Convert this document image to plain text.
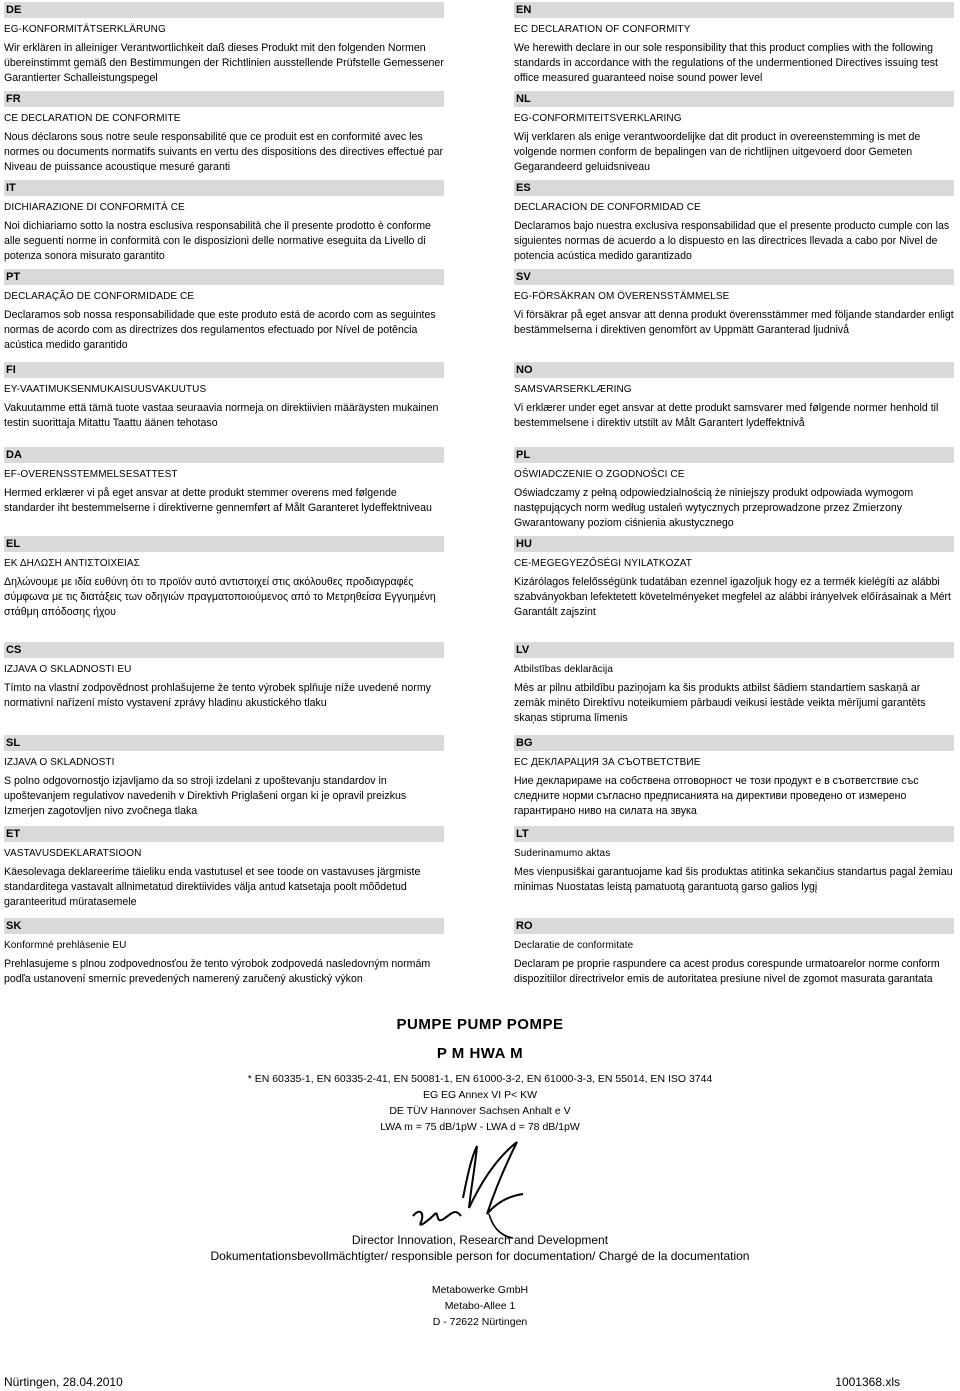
DE
EG-KONFORMITÄTSERKLÄRUNG
Wir erklären in alleiniger Verantwortlichkeit daß dieses Produkt mit den folgenden Normen übereinstimmt gemäß den Bestimmungen der Richtlinien ausstellende Prüfstelle Gemessener Garantierter Schalleistungspegel
FR
CE DECLARATION DE CONFORMITE
Nous déclarons sous notre seule responsabilité que ce produit est en conformité avec les normes ou documents normatifs suivants en vertu des dispositions des directives effectué par Niveau de puissance acoustique mesuré garanti
IT
DICHIARAZIONE DI CONFORMITÀ CE
Noi dichiariamo sotto la nostra esclusiva responsabilità che il presente prodotto è conforme alle seguenti norme in conformità con le disposizioni delle normative eseguita da Livello di potenza sonora misurato garantito
PT
DECLARAÇÃO DE CONFORMIDADE CE
Declaramos sob nossa responsabilidade que este produto está de acordo com as seguintes normas de acordo com as directrizes dos regulamentos efectuado por Nível de potência acústica medido garantido
FI
EY-VAATIMUKSENMUKAISUUSVAKUUTUS
Vakuutamme että tämä tuote vastaa seuraavia normeja on direktiivien määräysten mukainen testin suorittaja Mitattu Taattu äänen tehotaso
DA
EF-OVERENSSTEMMELSESATTEST
Hermed erklærer vi på eget ansvar at dette produkt stemmer overens med følgende standarder iht bestemmelserne i direktiverne gennemført af Målt Garanteret lydeffektniveau
EL
ΕΚ ΔΗΛΩΣΗ ΑΝΤΙΣΤΟΙΧΕΙΑΣ
Δηλώνουμε με ιδία ευθύνη ότι το προϊόν αυτό αντιστοιχεί στις ακόλουθες προδιαγραφές σύμφωνα με τις διατάξεις των οδηγιών πραγματοποιούμενος από το Μετρηθείσα Εγγυημένη στάθμη απόδοσης ήχου
CS
IZJAVA O SKLADNOSTI EU
Tímto na vlastní zodpovědnost prohlašujeme že tento výrobek splňuje níže uvedené normy normativní nařízení místo vystavení zprávy hladinu akustického tlaku
SL
IZJAVA O SKLADNOSTI
S polno odgovornostjo izjavljamo da so stroji izdelani z upoštevanju standardov in upoštevanjem regulativov navedenih v Direktivh Priglašeni organ ki je opravil preizkus Izmerjen zagotovljen nivo zvočnega tlaka
ET
VASTAVUSDEKLARATSIOON
Käesolevaga deklareerime täieliku enda vastutusel et see toode on vastavuses järgmiste standarditega vastavalt allnimetatud direktiivides välja antud katsetaja poolt mõõdetud garanteeritud müratasemele
SK
Konformné prehlásenie EU
Prehlasujeme s plnou zodpovednosťou že tento výrobok zodpovedá nasledovným normám podľa ustanovení smerníc prevedených namerený zaručený akustický výkon
EN
EC DECLARATION OF CONFORMITY
We herewith declare in our sole responsibility that this product complies with the following standards in accordance with the regulations of the undermentioned Directives issuing test office measured guaranteed noise sound power level
NL
EG-CONFORMITEITSVERKLARING
Wij verklaren als enige verantwoordelijke dat dit product in overeenstemming is met de volgende normen conform de bepalingen van de richtlijnen uitgevoerd door Gemeten Gegarandeerd geluidsniveau
ES
DECLARACION DE CONFORMIDAD CE
Declaramos bajo nuestra exclusiva responsabilidad que el presente producto cumple con las siguientes normas de acuerdo a lo dispuesto en las directrices llevada a cabo por Nivel de potencia acústica medido garantizado
SV
EG-FÖRSÄKRAN OM ÖVERENSSTÄMMELSE
Vi försäkrar på eget ansvar att denna produkt överensstämmer med följande standarder enligt bestämmelserna i direktiven genomfört av Uppmätt Garanterad ljudnivå
NO
SAMSVARSERKLÆRING
Vi erklærer under eget ansvar at dette produkt samsvarer med følgende normer henhold til bestemmelsene i direktiv utstilt av Målt Garantert lydeffektnivå
PL
OŚWIADCZENIE O ZGODNOŚCI CE
Oświadczamy z pełną odpowiedzialnością że niniejszy produkt odpowiada wymogom następujących norm według ustaleń wytycznych przeprowadzone przez Zmierzony Gwarantowany poziom ciśnienia akustycznego
HU
CE-MEGEGYEZŐSÉGI NYILATKOZAT
Kizárólagos felelősségünk tudatában ezennel igazoljuk hogy ez a termék kielégíti az alábbi szabványokban lefektetett követelményeket megfelel az alábbi irányelvek előírásainak a Mért Garantált zajszint
LV
Atbilstības deklarācija
Mēs ar pilnu atbildību paziņojam ka šis produkts atbilst šādiem standartiem saskaņā ar zemāk minēto Direktīvu noteikumiem pārbaudi veikusi iestāde veikta mērījumi garantēts skaņas stipruma līmenis
BG
ЕС ДЕКЛАРАЦИЯ ЗА СЪОТВЕТСТВИЕ
Ние декларираме на собствена отговорност че този продукт е в съответствие със следните норми съгласно предписанията на директиви проведено от измерено гарантирано ниво на силата на звука
LT
Suderinamumo aktas
Mes vienpusiškai garantuojame kad šis produktas atitinka sekančius standartus pagal žemiau minimas Nuostatas leistą pamatuotą garantuotą garso galios lygį
RO
Declaratie de conformitate
Declaram pe proprie raspundere ca acest produs corespunde urmatoarelor norme conform dispozitiilor directrivelor emis de autoritatea presiune nivel de zgomot masurata garantata
PUMPE PUMP POMPE
P M HWA M
* EN 60335-1, EN 60335-2-41, EN 50081-1, EN 61000-3-2, EN 61000-3-3, EN 55014, EN ISO 3744
EG EG Annex VI P< KW
DE TÜV Hannover Sachsen Anhalt e V
LWA m = 75 dB/1pW - LWA d = 78 dB/1pW
Director Innovation, Research and Development
Dokumentationsbevollmächtigter/ responsible person for documentation/ Chargé de la documentation
Metabowerke GmbH
Metabo-Allee 1
D - 72622 Nürtingen
Nürtingen, 28.04.2010	1001368.xls
